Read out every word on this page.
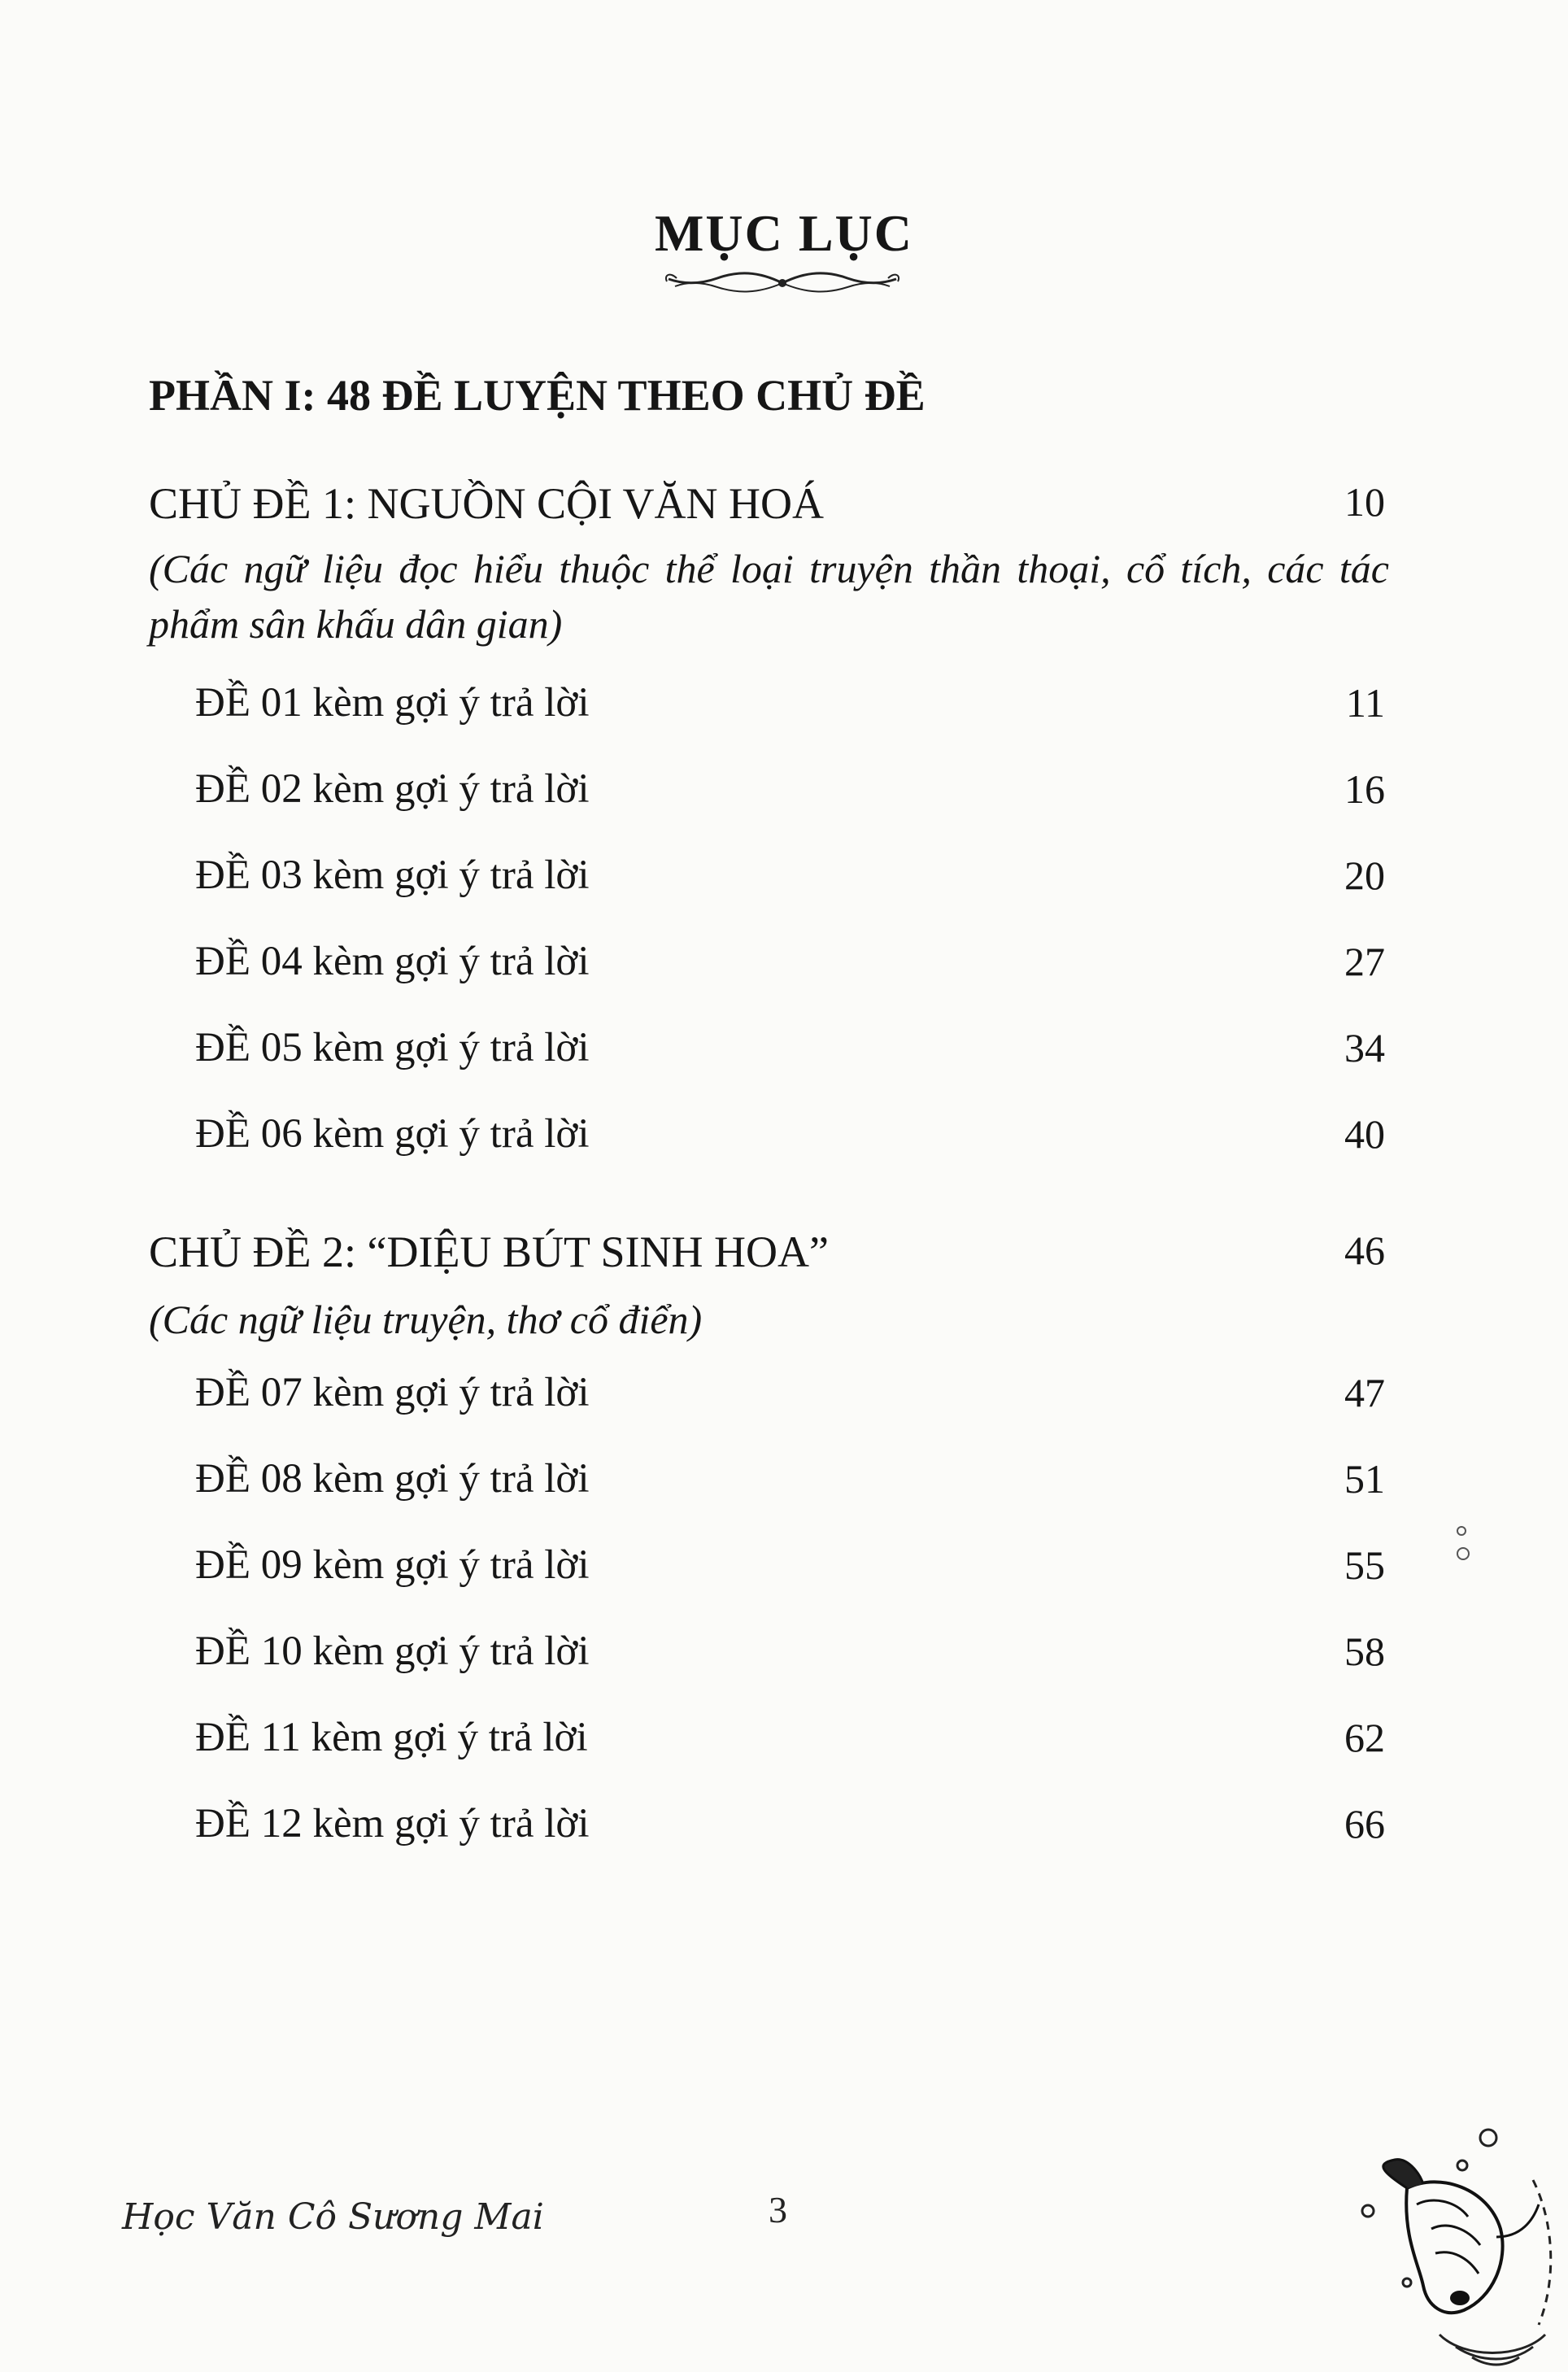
MỤC LỤC
PHẦN I: 48 ĐỀ LUYỆN THEO CHỦ ĐỀ
CHỦ ĐỀ 1: NGUỒN CỘI VĂN HOÁ	10
(Các ngữ liệu đọc hiểu thuộc thể loại truyện thần thoại, cổ tích, các tác phẩm sân khấu dân gian)
ĐỀ 01 kèm gợi ý trả lời	11
ĐỀ 02 kèm gợi ý trả lời	16
ĐỀ 03 kèm gợi ý trả lời	20
ĐỀ 04 kèm gợi ý trả lời	27
ĐỀ 05 kèm gợi ý trả lời	34
ĐỀ 06 kèm gợi ý trả lời	40
CHỦ ĐỀ 2: “DIỆU BÚT SINH HOA”	46
(Các ngữ liệu truyện, thơ cổ điển)
ĐỀ 07 kèm gợi ý trả lời	47
ĐỀ 08 kèm gợi ý trả lời	51
ĐỀ 09 kèm gợi ý trả lời	55
ĐỀ 10 kèm gợi ý trả lời	58
ĐỀ 11 kèm gợi ý trả lời	62
ĐỀ 12 kèm gợi ý trả lời	66
Học Văn Cô Sương Mai	3
